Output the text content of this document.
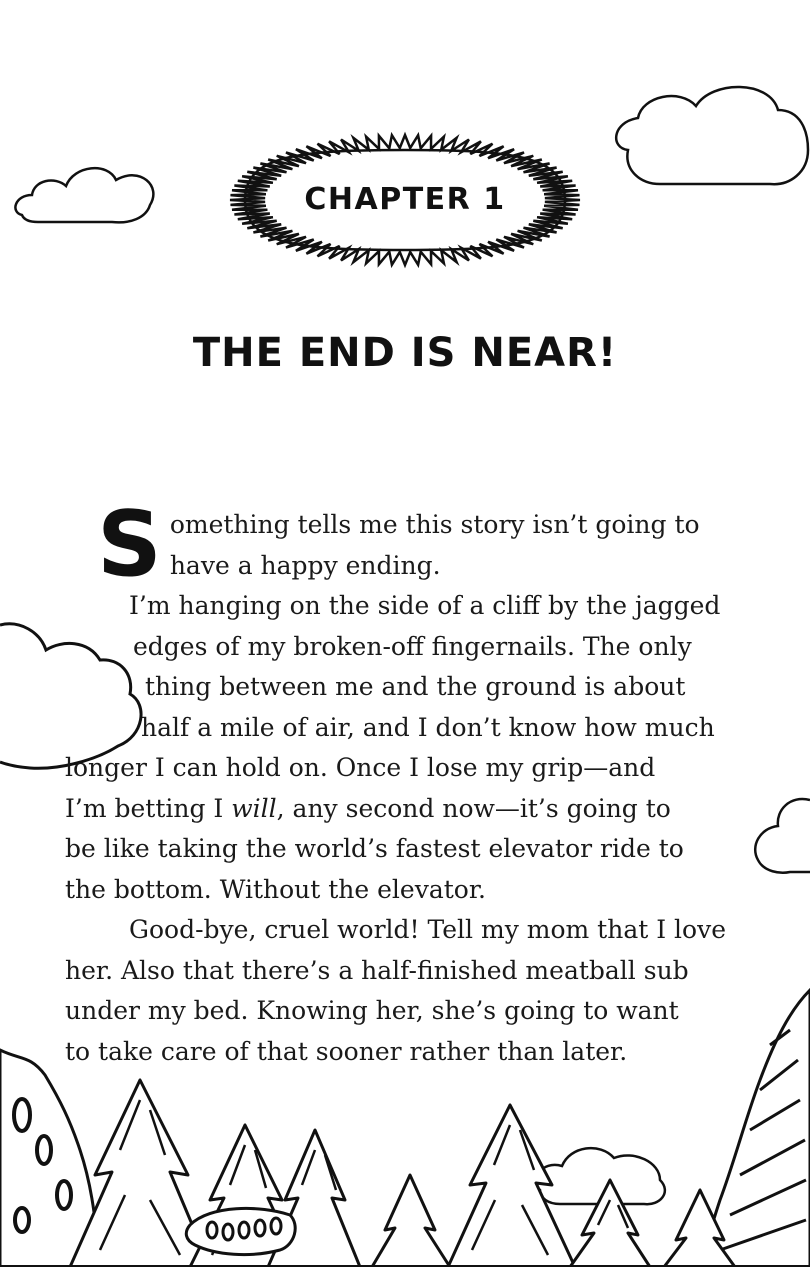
CHAPTER 1
THE END IS NEAR!

S omething tells me this story isn’t going to
have a happy ending.

I’m hanging on the side of a cliff by the jagged
edges of my broken-off fingernails. The only
thing between me and the ground is about
half a mile of air, and I don’t know how much
longer I can hold on. Once I lose my grip—and
I’m betting I will, any second now—it’s going to
be like taking the world’s fastest elevator ride to
the bottom. Without the elevator.

Good-bye, cruel world! Tell my mom that I love
her. Also that there’s a half-finished meatball sub
under my bed. Knowing her, she’s going to want
to take care of that sooner rather than later.
